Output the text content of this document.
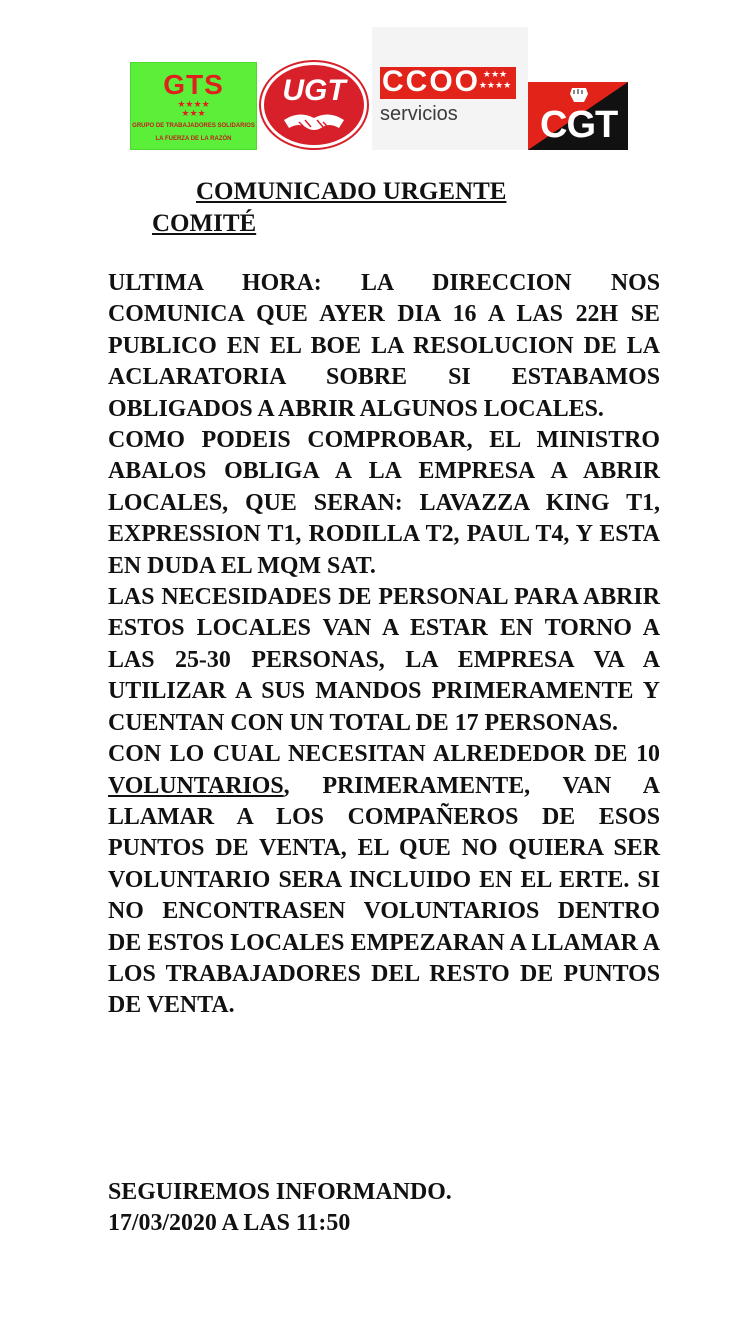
GTS
★★★★
★★★
GRUPO DE TRABAJADORES SOLIDARIOS
LA FUERZA DE LA RAZÓN
UGT CCOO ★★★
★★★★
servicios CGT
COMUNICADO URGENTE
COMITÉ

ULTIMA HORA: LA DIRECCION NOS COMUNICA QUE AYER DIA 16 A LAS 22H SE PUBLICO EN EL BOE LA RESOLUCION DE LA ACLARATORIA SOBRE SI ESTABAMOS OBLIGADOS A ABRIR ALGUNOS LOCALES.

COMO PODEIS COMPROBAR, EL MINISTRO ABALOS OBLIGA A LA EMPRESA A ABRIR LOCALES, QUE SERAN: LAVAZZA KING T1, EXPRESSION T1, RODILLA T2, PAUL T4, Y ESTA EN DUDA EL MQM SAT.

LAS NECESIDADES DE PERSONAL PARA ABRIR ESTOS LOCALES VAN A ESTAR EN TORNO A LAS 25-30 PERSONAS, LA EMPRESA VA A UTILIZAR A SUS MANDOS PRIMERAMENTE Y CUENTAN CON UN TOTAL DE 17 PERSONAS.

CON LO CUAL NECESITAN ALREDEDOR DE 10 VOLUNTARIOS, PRIMERAMENTE, VAN A LLAMAR A LOS COMPAÑEROS DE ESOS PUNTOS DE VENTA, EL QUE NO QUIERA SER VOLUNTARIO SERA INCLUIDO EN EL ERTE. SI NO ENCONTRASEN VOLUNTARIOS DENTRO DE ESTOS LOCALES EMPEZARAN A LLAMAR A LOS TRABAJADORES DEL RESTO DE PUNTOS DE VENTA.

SEGUIREMOS INFORMANDO.

17/03/2020 A LAS 11:50
